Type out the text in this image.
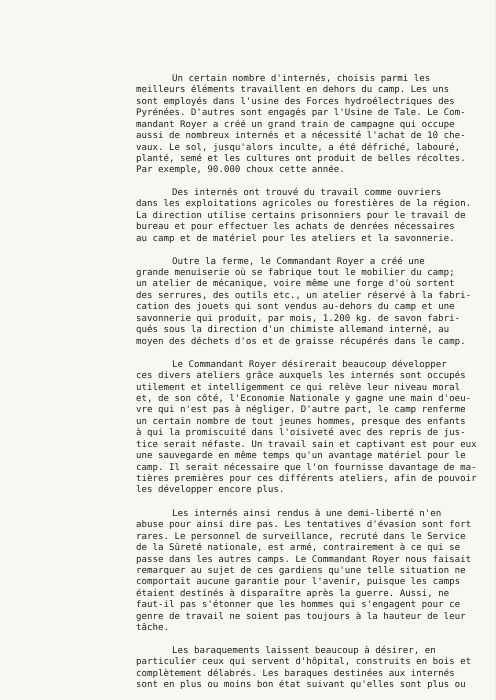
Un certain nombre d'internés, choisis parmi les
meilleurs éléments travaillent en dehors du camp. Les uns
sont employés dans l'usine des Forces hydroélectriques des
Pyrénées. D'autres sont engagés par l'Usine de Tale. Le Com-
mandant Royer a créé un grand train de campagne qui occupe
aussi de nombreux internés et a nécessité l'achat de 10 che-
vaux. Le sol, jusqu'alors inculte, a été défriché, labouré,
planté, semé et les cultures ont produit de belles récoltes.
Par exemple, 90.000 choux cette année.
Des internés ont trouvé du travail comme ouvriers
dans les exploitations agricoles ou forestières de la région.
La direction utilise certains prisonniers pour le travail de
bureau et pour effectuer les achats de denrées nécessaires
au camp et de matériel pour les ateliers et la savonnerie.
Outre la ferme, le Commandant Royer a créé une
grande menuiserie où se fabrique tout le mobilier du camp;
un atelier de mécanique, voire même une forge d'où sortent
des serrures, des outils etc., un atelier réservé à la fabri-
cation des jouets qui sont vendus au-dehors du camp et une
savonnerie qui produit, par mois, 1.200 kg. de savon fabri-
qués sous la direction d'un chimiste allemand interné, au
moyen des déchets d'os et de graisse récupérés dans le camp.
Le Commandant Royer désirerait beaucoup développer
ces divers ateliers grâce auxquels les internés sont occupés
utilement et intelligemment ce qui relève leur niveau moral
et, de son côté, l'Economie Nationale y gagne une main d'oeu-
vre qui n'est pas à négliger. D'autre part, le camp renferme
un certain nombre de tout jeunes hommes, presque des enfants
à qui la promiscuité dans l'oisiveté avec des repris de jus-
tice serait néfaste. Un travail sain et captivant est pour eux
une sauvegarde en même temps qu'un avantage matériel pour le
camp. Il serait nécessaire que l'on fournisse davantage de ma-
tières premières pour ces différents ateliers, afin de pouvoir
les développer encore plus.
Les internés ainsi rendus à une demi-liberté n'en
abuse pour ainsi dire pas. Les tentatives d'évasion sont fort
rares. Le personnel de surveillance, recruté dans le Service
de la Sûreté nationale, est armé, contrairement à ce qui se
passe dans les autres camps. Le Commandant Royer nous faisait
remarquer au sujet de ces gardiens qu'une telle situation ne
comportait aucune garantie pour l'avenir, puisque les camps
étaient destinés à disparaître après la guerre. Aussi, ne
faut-il pas s'étonner que les hommes qui s'engagent pour ce
genre de travail ne soient pas toujours à la hauteur de leur
tâche.
Les baraquements laissent beaucoup à désirer, en
particulier ceux qui servent d'hôpital, construits en bois et
complètement délabrés. Les baraques destinées aux internés
sont en plus ou moins bon état suivant qu'elles sont plus ou
